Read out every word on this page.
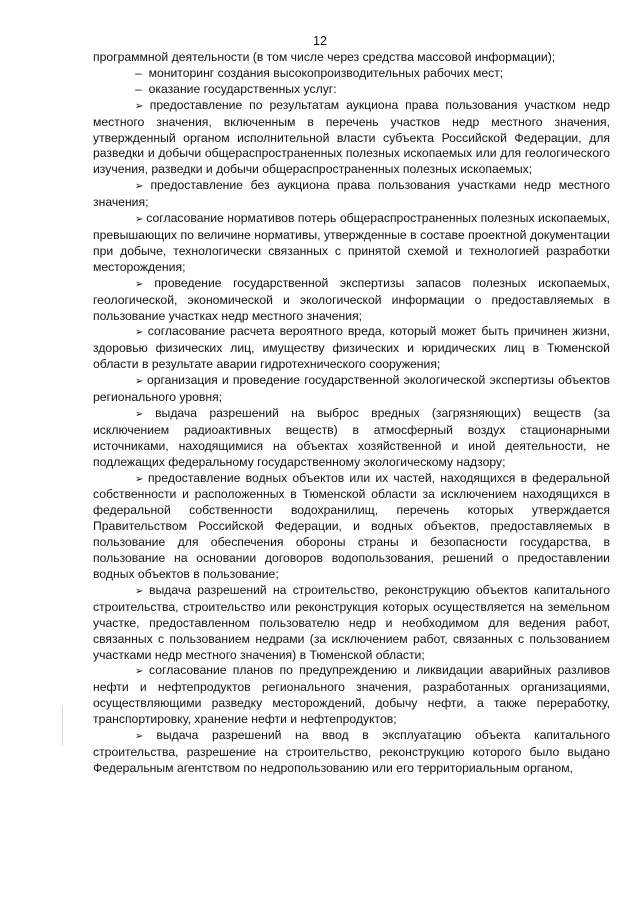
12

программной деятельности (в том числе через средства массовой информации);

–  мониторинг создания высокопроизводительных рабочих мест;

–  оказание государственных услуг:

➢ предоставление по результатам аукциона права пользования участком недр местного значения, включенным в перечень участков недр местного значения, утвержденный органом исполнительной власти субъекта Российской Федерации, для разведки и добычи общераспространенных полезных ископаемых или для геологического изучения, разведки и добычи общераспространенных полезных ископаемых;

➢ предоставление без аукциона права пользования участками недр местного значения;

➢ согласование нормативов потерь общераспространенных полезных ископаемых, превышающих по величине нормативы, утвержденные в составе проектной документации при добыче, технологически связанных с принятой схемой и технологией разработки месторождения;

➢ проведение государственной экспертизы запасов полезных ископаемых, геологической, экономической и экологической информации о предоставляемых в пользование участках недр местного значения;

➢ согласование расчета вероятного вреда, который может быть причинен жизни, здоровью физических лиц, имуществу физических и юридических лиц в Тюменской области в результате аварии гидротехнического сооружения;

➢ организация и проведение государственной экологической экспертизы объектов регионального уровня;

➢ выдача разрешений на выброс вредных (загрязняющих) веществ (за исключением радиоактивных веществ) в атмосферный воздух стационарными источниками, находящимися на объектах хозяйственной и иной деятельности, не подлежащих федеральному государственному экологическому надзору;

➢ предоставление водных объектов или их частей, находящихся в федеральной собственности и расположенных в Тюменской области за исключением находящихся в федеральной собственности водохранилищ, перечень которых утверждается Правительством Российской Федерации, и водных объектов, предоставляемых в пользование для обеспечения обороны страны и безопасности государства, в пользование на основании договоров водопользования, решений о предоставлении водных объектов в пользование;

➢ выдача разрешений на строительство, реконструкцию объектов капитального строительства, строительство или реконструкция которых осуществляется на земельном участке, предоставленном пользователю недр и необходимом для ведения работ, связанных с пользованием недрами (за исключением работ, связанных с пользованием участками недр местного значения) в Тюменской области;

➢ согласование планов по предупреждению и ликвидации аварийных разливов нефти и нефтепродуктов регионального значения, разработанных организациями, осуществляющими разведку месторождений, добычу нефти, а также переработку, транспортировку, хранение нефти и нефтепродуктов;

➢ выдача разрешений на ввод в эксплуатацию объекта капитального строительства, разрешение на строительство, реконструкцию которого было выдано Федеральным агентством по недропользованию или его территориальным органом,
